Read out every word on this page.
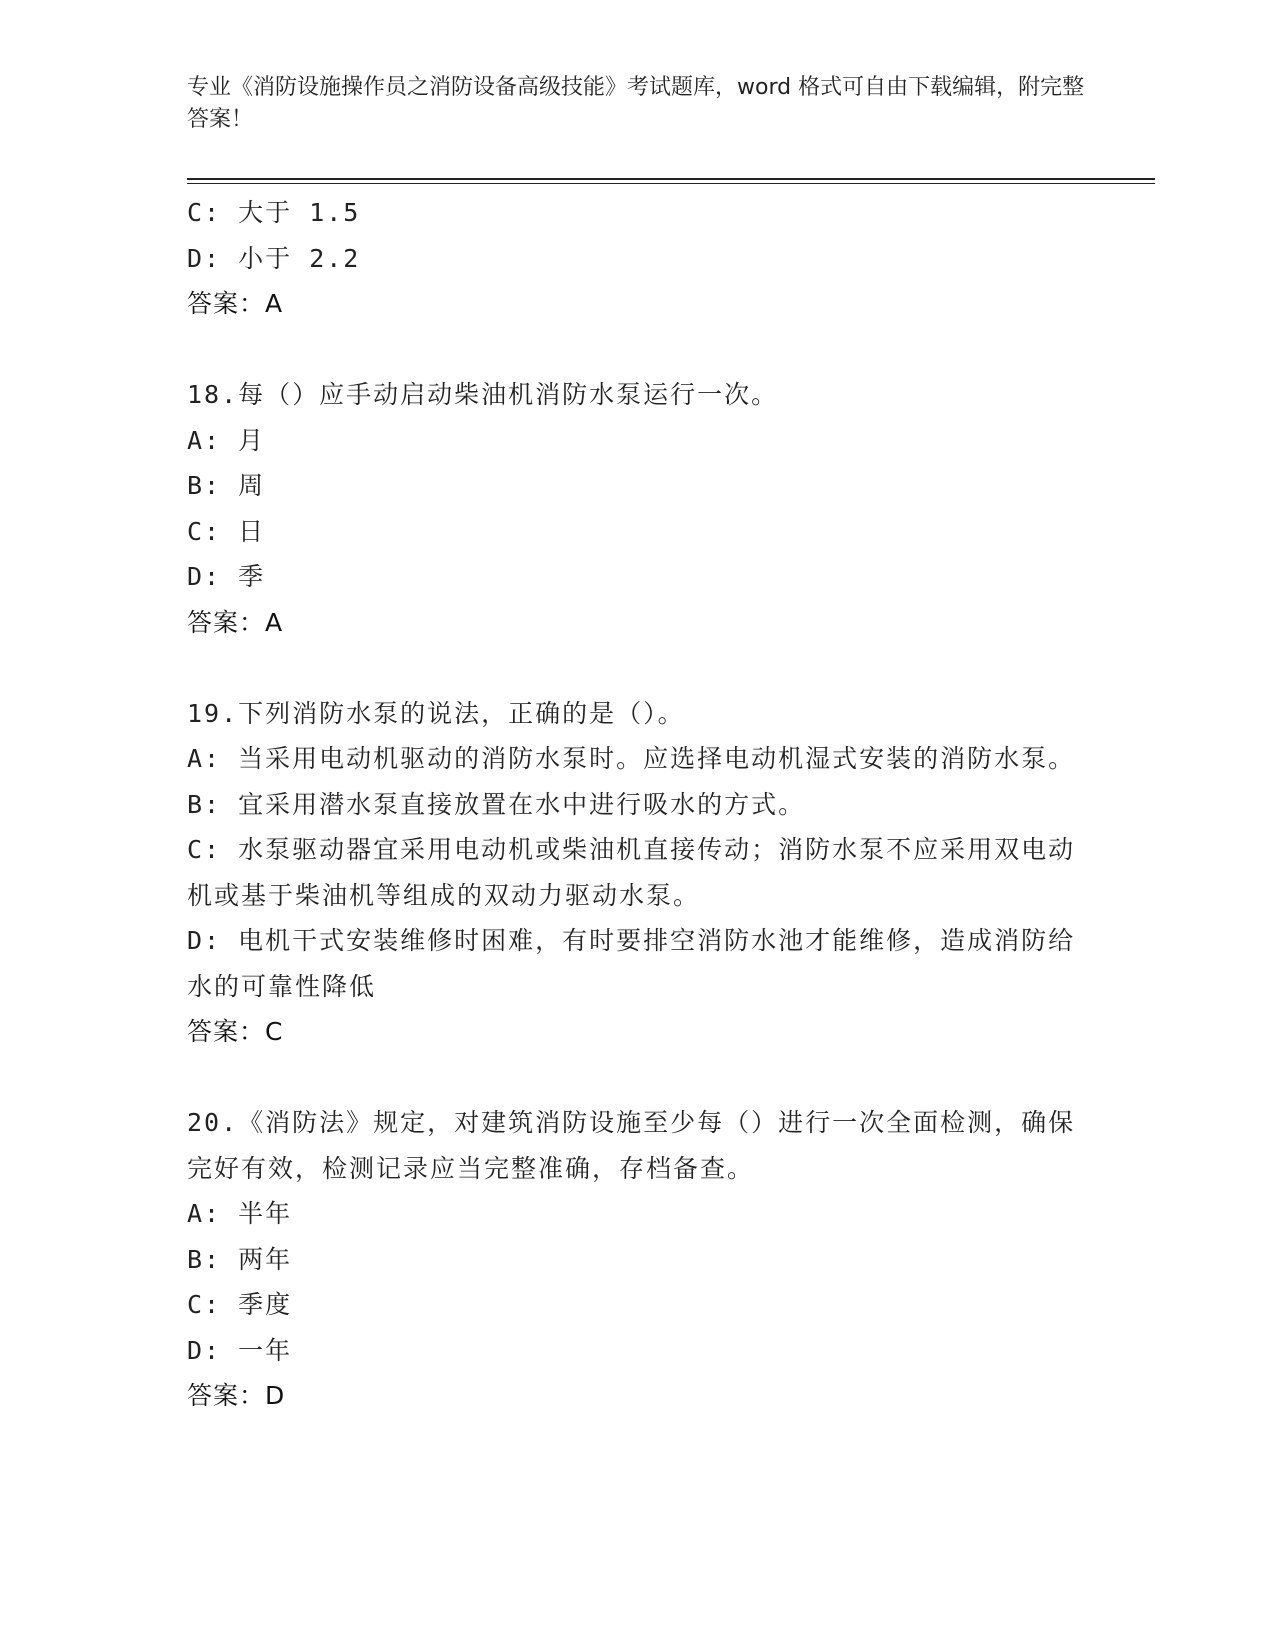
专业《消防设施操作员之消防设备高级技能》考试题库，word 格式可自由下载编辑，附完整答案！

C: 大于 1.5

D: 小于 2.2

答案：A

18.每（）应手动启动柴油机消防水泵运行一次。

A: 月

B: 周

C: 日

D: 季

答案：A

19.下列消防水泵的说法，正确的是（）。

A: 当采用电动机驱动的消防水泵时。应选择电动机湿式安装的消防水泵。

B: 宜采用潜水泵直接放置在水中进行吸水的方式。

C: 水泵驱动器宜采用电动机或柴油机直接传动；消防水泵不应采用双电动机或基于柴油机等组成的双动力驱动水泵。

D: 电机干式安装维修时困难，有时要排空消防水池才能维修，造成消防给水的可靠性降低

答案：C

20.《消防法》规定，对建筑消防设施至少每（）进行一次全面检测，确保完好有效，检测记录应当完整准确，存档备查。

A: 半年

B: 两年

C: 季度

D: 一年

答案：D
